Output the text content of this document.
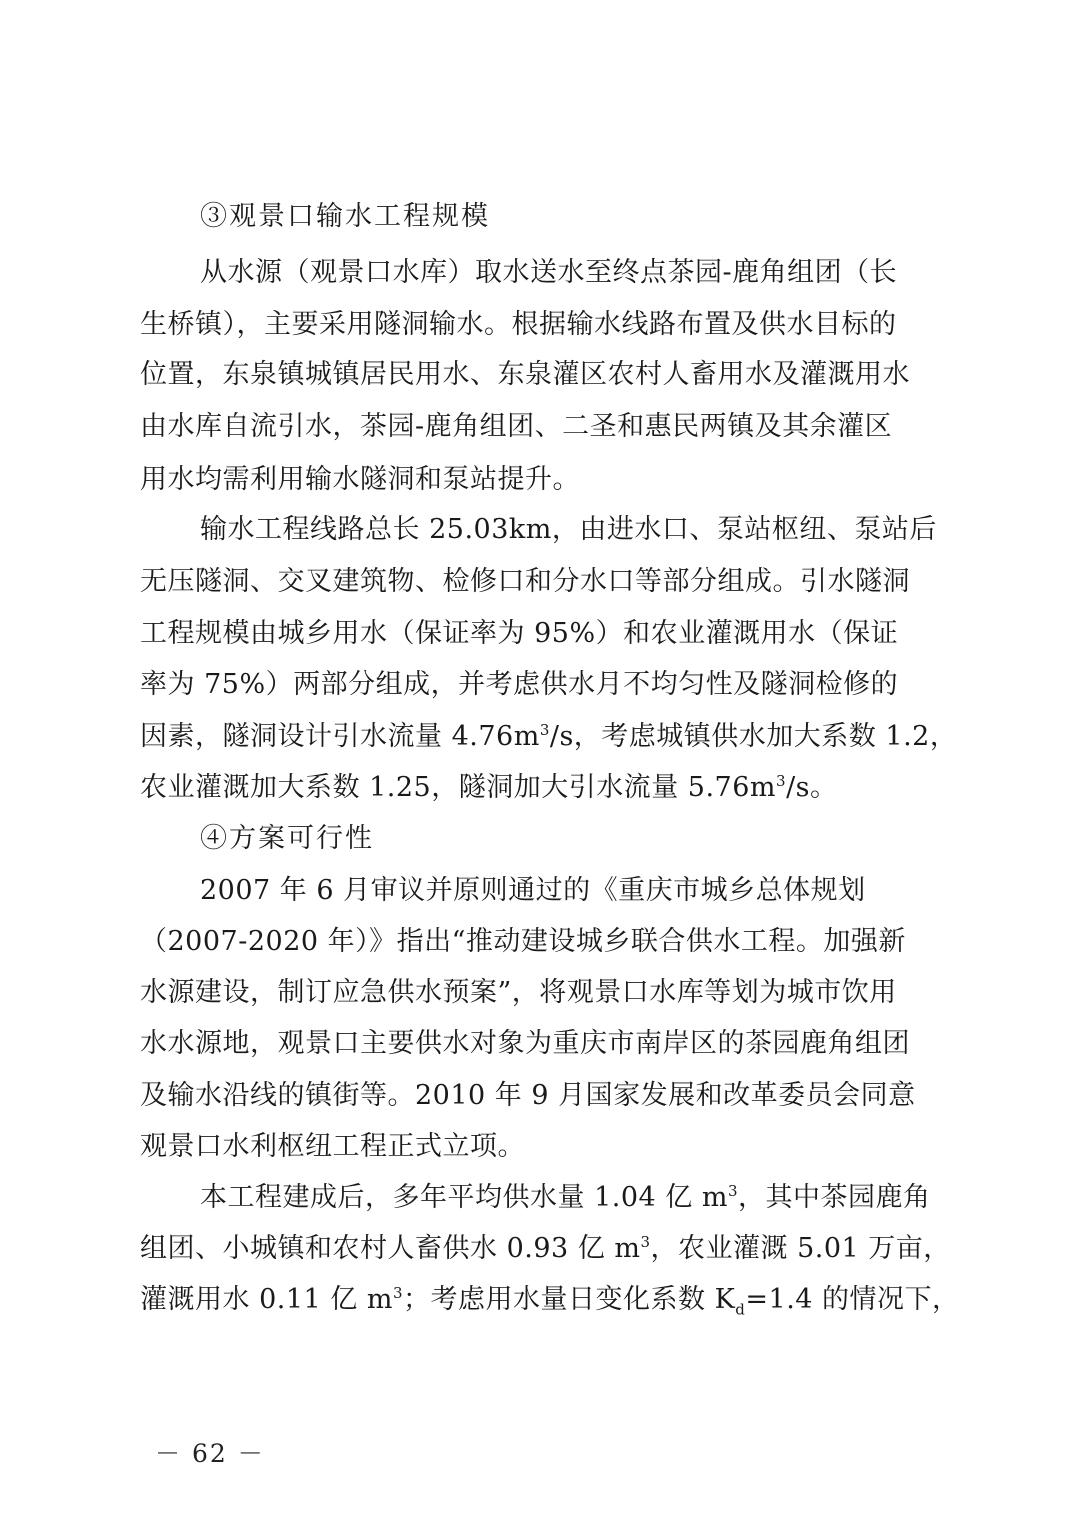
③观景口输水工程规模
从水源（观景口水库）取水送水至终点茶园-鹿角组团（长
生桥镇），主要采用隧洞输水。根据输水线路布置及供水目标的
位置，东泉镇城镇居民用水、东泉灌区农村人畜用水及灌溉用水
由水库自流引水，茶园-鹿角组团、二圣和惠民两镇及其余灌区
用水均需利用输水隧洞和泵站提升。
输水工程线路总长 25.03km，由进水口、泵站枢纽、泵站后
无压隧洞、交叉建筑物、检修口和分水口等部分组成。引水隧洞
工程规模由城乡用水（保证率为 95%）和农业灌溉用水（保证
率为 75%）两部分组成，并考虑供水月不均匀性及隧洞检修的
因素，隧洞设计引水流量 $4.76m^3/s$，考虑城镇供水加大系数 1.2，
农业灌溉加大系数 1.25，隧洞加大引水流量 $5.76m^3/s$。
④方案可行性
2007 年 6 月审议并原则通过的《重庆市城乡总体规划
（2007-2020 年）》指出“推动建设城乡联合供水工程。加强新
水源建设，制订应急供水预案”，将观景口水库等划为城市饮用
水水源地，观景口主要供水对象为重庆市南岸区的茶园鹿角组团
及输水沿线的镇街等。2010 年 9 月国家发展和改革委员会同意
观景口水利枢纽工程正式立项。
本工程建成后，多年平均供水量 1.04 亿 $m^3$，其中茶园鹿角
组团、小城镇和农村人畜供水 0.93 亿 $m^3$，农业灌溉 5.01 万亩，
灌溉用水 0.11 亿 $m^3$；考虑用水量日变化系数 $K_d=1.4$ 的情况下，
－ 62 －
